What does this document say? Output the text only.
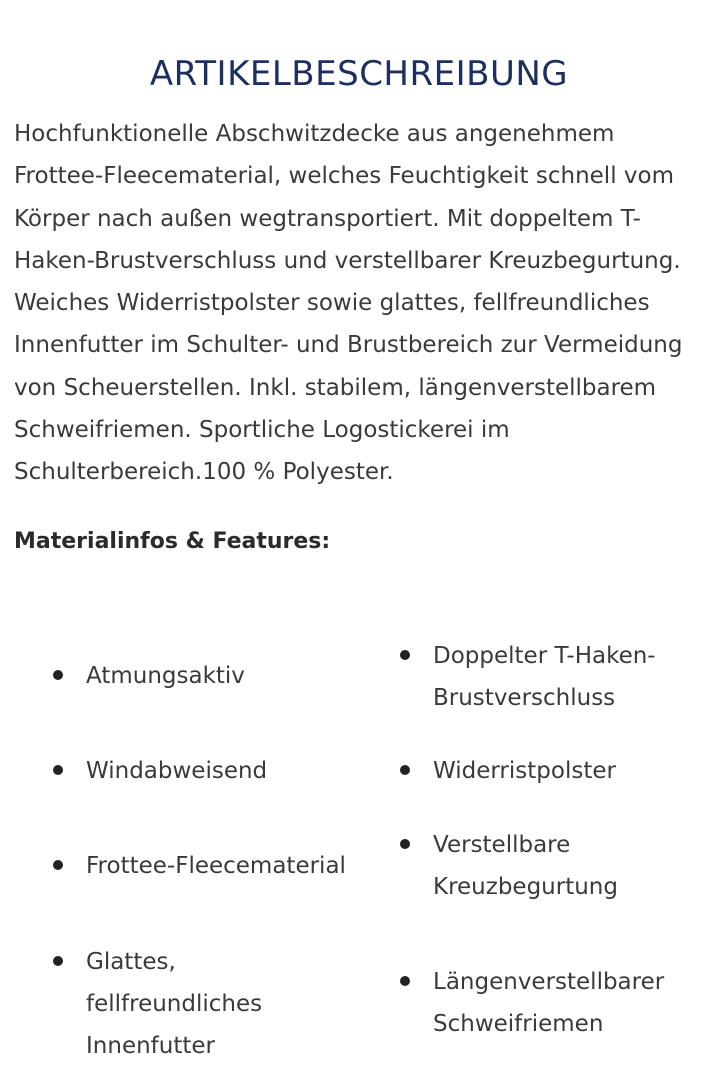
ARTIKELBESCHREIBUNG
Hochfunktionelle Abschwitzdecke aus angenehmem
Frottee-Fleecematerial, welches Feuchtigkeit schnell vom
Körper nach außen wegtransportiert. Mit doppeltem T-
Haken-Brustverschluss und verstellbarer Kreuzbegurtung.
Weiches Widerristpolster sowie glattes, fellfreundliches
Innenfutter im Schulter- und Brustbereich zur Vermeidung
von Scheuerstellen. Inkl. stabilem, längenverstellbarem
Schweifriemen. Sportliche Logostickerei im
Schulterbereich.100 % Polyester.
Materialinfos & Features:
Atmungsaktiv
Windabweisend
Frottee-Fleecematerial
Glattes,
fellfreundliches
Innenfutter
Doppelter T-Haken-
Brustverschluss
Widerristpolster
Verstellbare
Kreuzbegurtung
Längenverstellbarer
Schweifriemen
